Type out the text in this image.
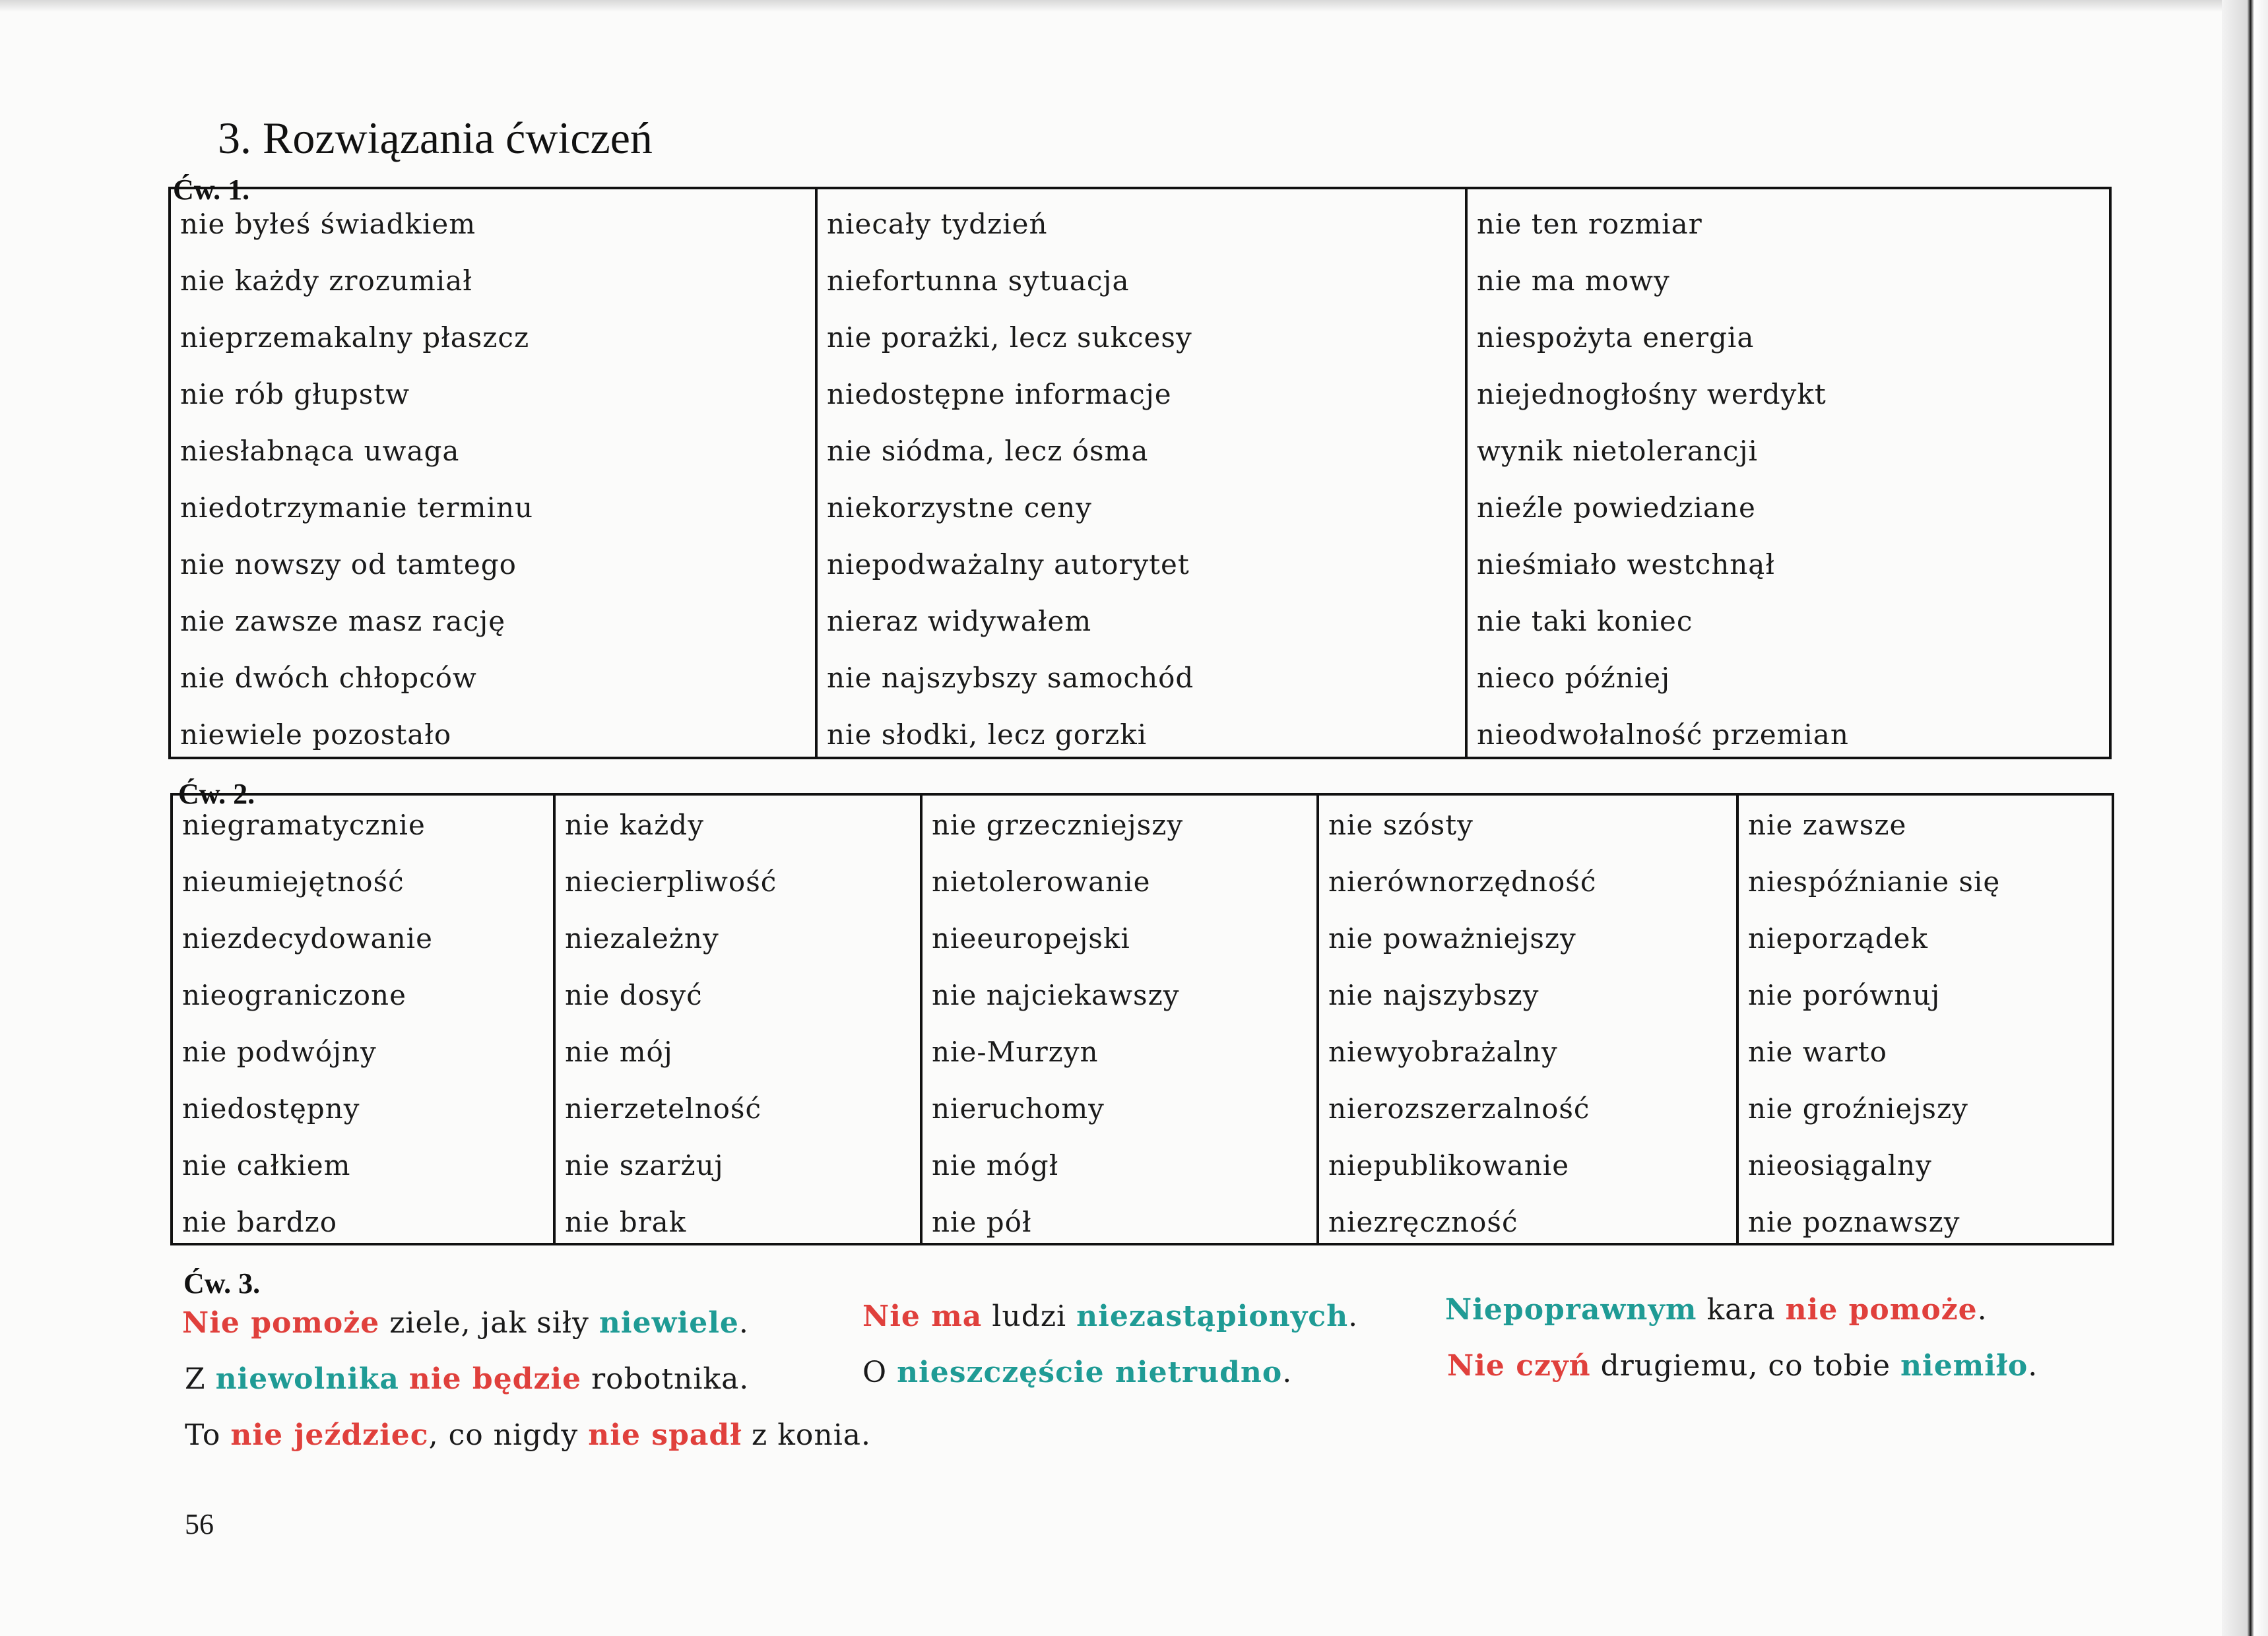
3. Rozwiązania ćwiczeń
Ćw. 1.
nie byłeś świadkiem
nie każdy zrozumiał
nieprzemakalny płaszcz
nie rób głupstw
niesłabnąca uwaga
niedotrzymanie terminu
nie nowszy od tamtego
nie zawsze masz rację
nie dwóch chłopców
niewiele pozostało
niecały tydzień
niefortunna sytuacja
nie porażki, lecz sukcesy
niedostępne informacje
nie siódma, lecz ósma
niekorzystne ceny
niepodważalny autorytet
nieraz widywałem
nie najszybszy samochód
nie słodki, lecz gorzki
nie ten rozmiar
nie ma mowy
niespożyta energia
niejednogłośny werdykt
wynik nietolerancji
nieźle powiedziane
nieśmiało westchnął
nie taki koniec
nieco później
nieodwołalność przemian
Ćw. 2.
niegramatycznie
nieumiejętność
niezdecydowanie
nieograniczone
nie podwójny
niedostępny
nie całkiem
nie bardzo
nie każdy
niecierpliwość
niezależny
nie dosyć
nie mój
nierzetelność
nie szarżuj
nie brak
nie grzeczniejszy
nietolerowanie
nieeuropejski
nie najciekawszy
nie-Murzyn
nieruchomy
nie mógł
nie pół
nie szósty
nierównorzędność
nie poważniejszy
nie najszybszy
niewyobrażalny
nierozszerzalność
niepublikowanie
niezręczność
nie zawsze
niespóźnianie się
nieporządek
nie porównuj
nie warto
nie groźniejszy
nieosiągalny
nie poznawszy
Ćw. 3.
Nie pomoże ziele, jak siły niewiele.
Z niewolnika nie będzie robotnika.
To nie jeździec, co nigdy nie spadł z konia.
Nie ma ludzi niezastąpionych.
O nieszczęście nietrudno.
Niepoprawnym kara nie pomoże.
Nie czyń drugiemu, co tobie niemiło.
56
